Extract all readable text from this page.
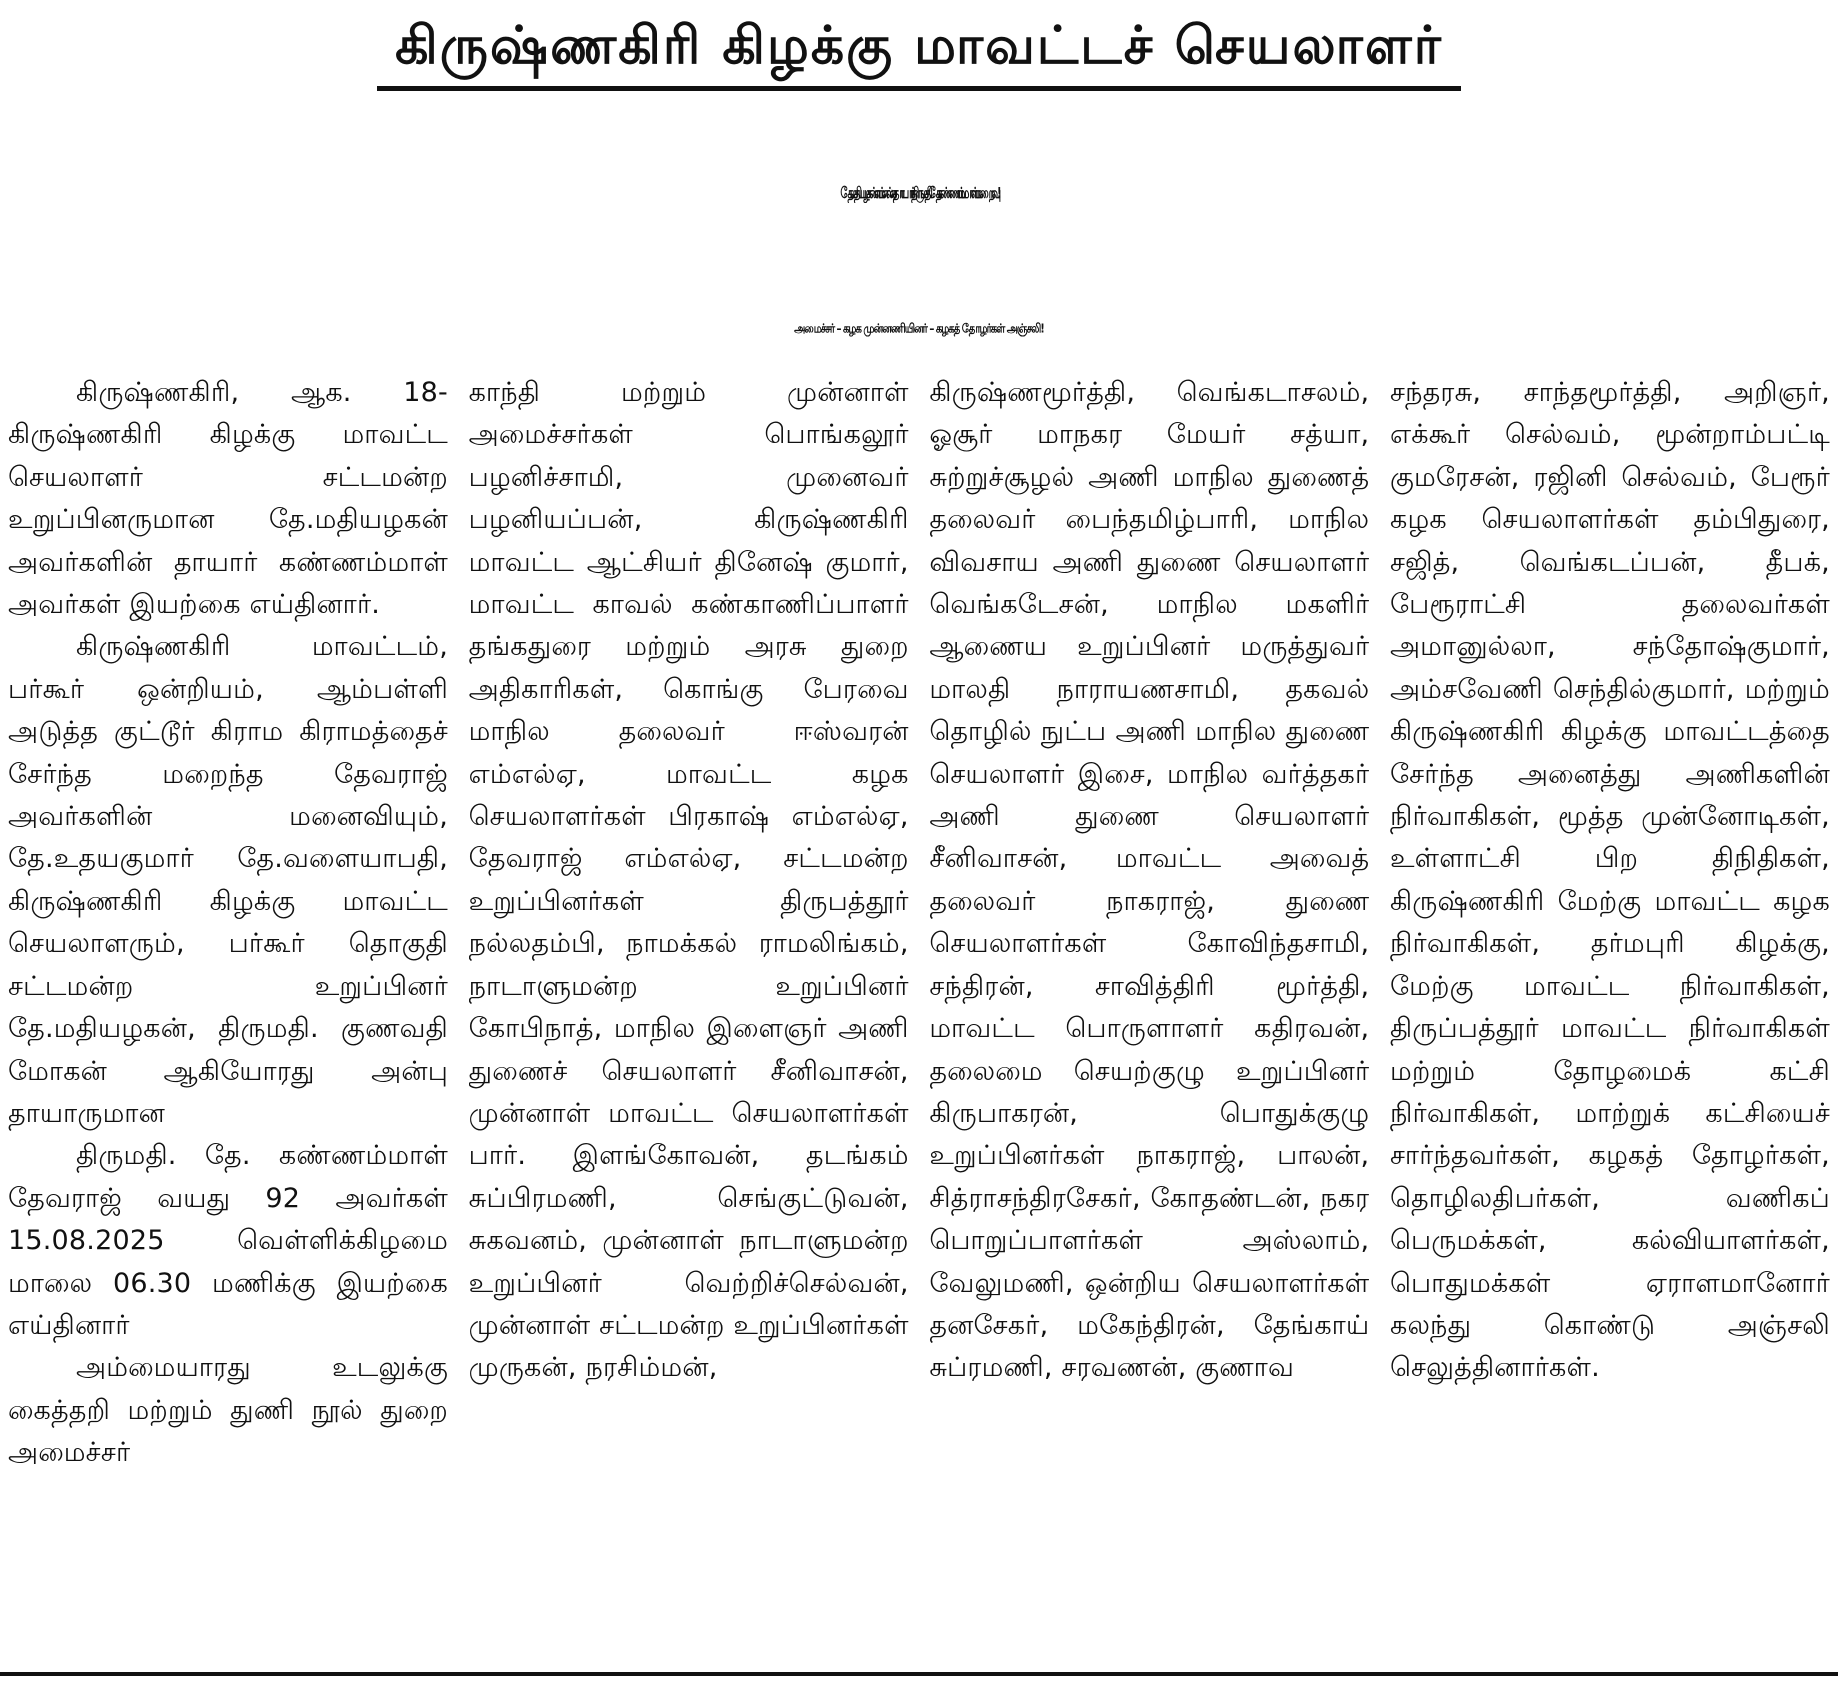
கிருஷ்ணகிரி கிழக்கு மாவட்டச் செயலாளர்
தே.மதியழகன் எம்.எல்.ஏ. தாயார் திருமதி.தே. கண்ணம்மாள் மறைவு!
அமைச்சர் – கழக முன்னணியினர் – கழகத் தோழர்கள் அஞ்சலி!

கிருஷ்ணகிரி, ஆக. 18- கிருஷ்ணகிரி கிழக்கு மாவட்ட செயலாளர் சட்டமன்ற உறுப்பினருமான தே.மதியழகன் அவர்களின் தாயார் கண்ணம்மாள் அவர்கள் இயற்கை எய்தினார்.

கிருஷ்ணகிரி மாவட்டம், பர்கூர் ஒன்றியம், ஆம்பள்ளி அடுத்த குட்டூர் கிராம கிராமத்தைச் சேர்ந்த மறைந்த தேவராஜ் அவர்களின் மனைவியும், தே.உதயகுமார் தே.வளையாபதி, கிருஷ்ணகிரி கிழக்கு மாவட்ட செயலாளரும், பர்கூர் தொகுதி சட்டமன்ற உறுப்பினர் தே.மதியழகன், திருமதி. குணவதி மோகன் ஆகியோரது அன்பு தாயாருமான

திருமதி. தே. கண்ணம்மாள் தேவராஜ் வயது 92 அவர்கள் 15.08.2025 வெள்ளிக்கிழமை மாலை 06.30 மணிக்கு இயற்கை எய்தினார்

அம்மையாரது உடலுக்கு கைத்தறி மற்றும் துணி நூல் துறை அமைச்சர்

காந்தி மற்றும் முன்னாள் அமைச்சர்கள் பொங்கலூர் பழனிச்சாமி, முனைவர் பழனியப்பன், கிருஷ்ணகிரி மாவட்ட ஆட்சியர் தினேஷ் குமார், மாவட்ட காவல் கண்காணிப்பாளர் தங்கதுரை மற்றும் அரசு துறை அதிகாரிகள், கொங்கு பேரவை மாநில தலைவர் ஈஸ்வரன் எம்எல்ஏ, மாவட்ட கழக செயலாளர்கள் பிரகாஷ் எம்எல்ஏ, தேவராஜ் எம்எல்ஏ, சட்டமன்ற உறுப்பினர்கள் திருபத்தூர் நல்லதம்பி, நாமக்கல் ராமலிங்கம், நாடாளுமன்ற உறுப்பினர் கோபிநாத், மாநில இளைஞர் அணி துணைச் செயலாளர் சீனிவாசன், முன்னாள் மாவட்ட செயலாளர்கள் பார். இளங்கோவன், தடங்கம் சுப்பிரமணி, செங்குட்டுவன், சுகவனம், முன்னாள் நாடாளுமன்ற உறுப்பினர் வெற்றிச்செல்வன், முன்னாள் சட்டமன்ற உறுப்பினர்கள் முருகன், நரசிம்மன்,

கிருஷ்ணமூர்த்தி, வெங்கடாசலம், ஓசூர் மாநகர மேயர் சத்யா, சுற்றுச்சூழல் அணி மாநில துணைத் தலைவர் பைந்தமிழ்பாரி, மாநில விவசாய அணி துணை செயலாளர் வெங்கடேசன், மாநில மகளிர் ஆணைய உறுப்பினர் மருத்துவர் மாலதி நாராயணசாமி, தகவல் தொழில் நுட்ப அணி மாநில துணை செயலாளர் இசை, மாநில வர்த்தகர் அணி துணை செயலாளர் சீனிவாசன், மாவட்ட அவைத் தலைவர் நாகராஜ், துணை செயலாளர்கள் கோவிந்தசாமி, சந்திரன், சாவித்திரி மூர்த்தி, மாவட்ட பொருளாளர் கதிரவன், தலைமை செயற்குழு உறுப்பினர் கிருபாகரன், பொதுக்குழு உறுப்பினர்கள் நாகராஜ், பாலன், சித்ராசந்திரசேகர், கோதண்டன், நகர பொறுப்பாளர்கள் அஸ்லாம், வேலுமணி, ஒன்றிய செயலாளர்கள் தனசேகர், மகேந்திரன், தேங்காய் சுப்ரமணி, சரவணன், குணாவ

சந்தரசு, சாந்தமூர்த்தி, அறிஞர், எக்கூர் செல்வம், மூன்றாம்பட்டி குமரேசன், ரஜினி செல்வம், பேரூர் கழக செயலாளர்கள் தம்பிதுரை, சஜித், வெங்கடப்பன், தீபக், பேரூராட்சி தலைவர்கள் அமானுல்லா, சந்தோஷ்குமார், அம்சவேணி செந்தில்குமார், மற்றும் கிருஷ்ணகிரி கிழக்கு மாவட்டத்தை சேர்ந்த அனைத்து அணிகளின் நிர்வாகிகள், மூத்த முன்னோடிகள், உள்ளாட்சி பிற திநிதிகள், கிருஷ்ணகிரி மேற்கு மாவட்ட கழக நிர்வாகிகள், தர்மபுரி கிழக்கு, மேற்கு மாவட்ட நிர்வாகிகள், திருப்பத்தூர் மாவட்ட நிர்வாகிகள் மற்றும் தோழமைக் கட்சி நிர்வாகிகள், மாற்றுக் கட்சியைச் சார்ந்தவர்கள், கழகத் தோழர்கள், தொழிலதிபர்கள், வணிகப் பெருமக்கள், கல்வியாளர்கள், பொதுமக்கள் ஏராளமானோர் கலந்து கொண்டு அஞ்சலி செலுத்தினார்கள்.
